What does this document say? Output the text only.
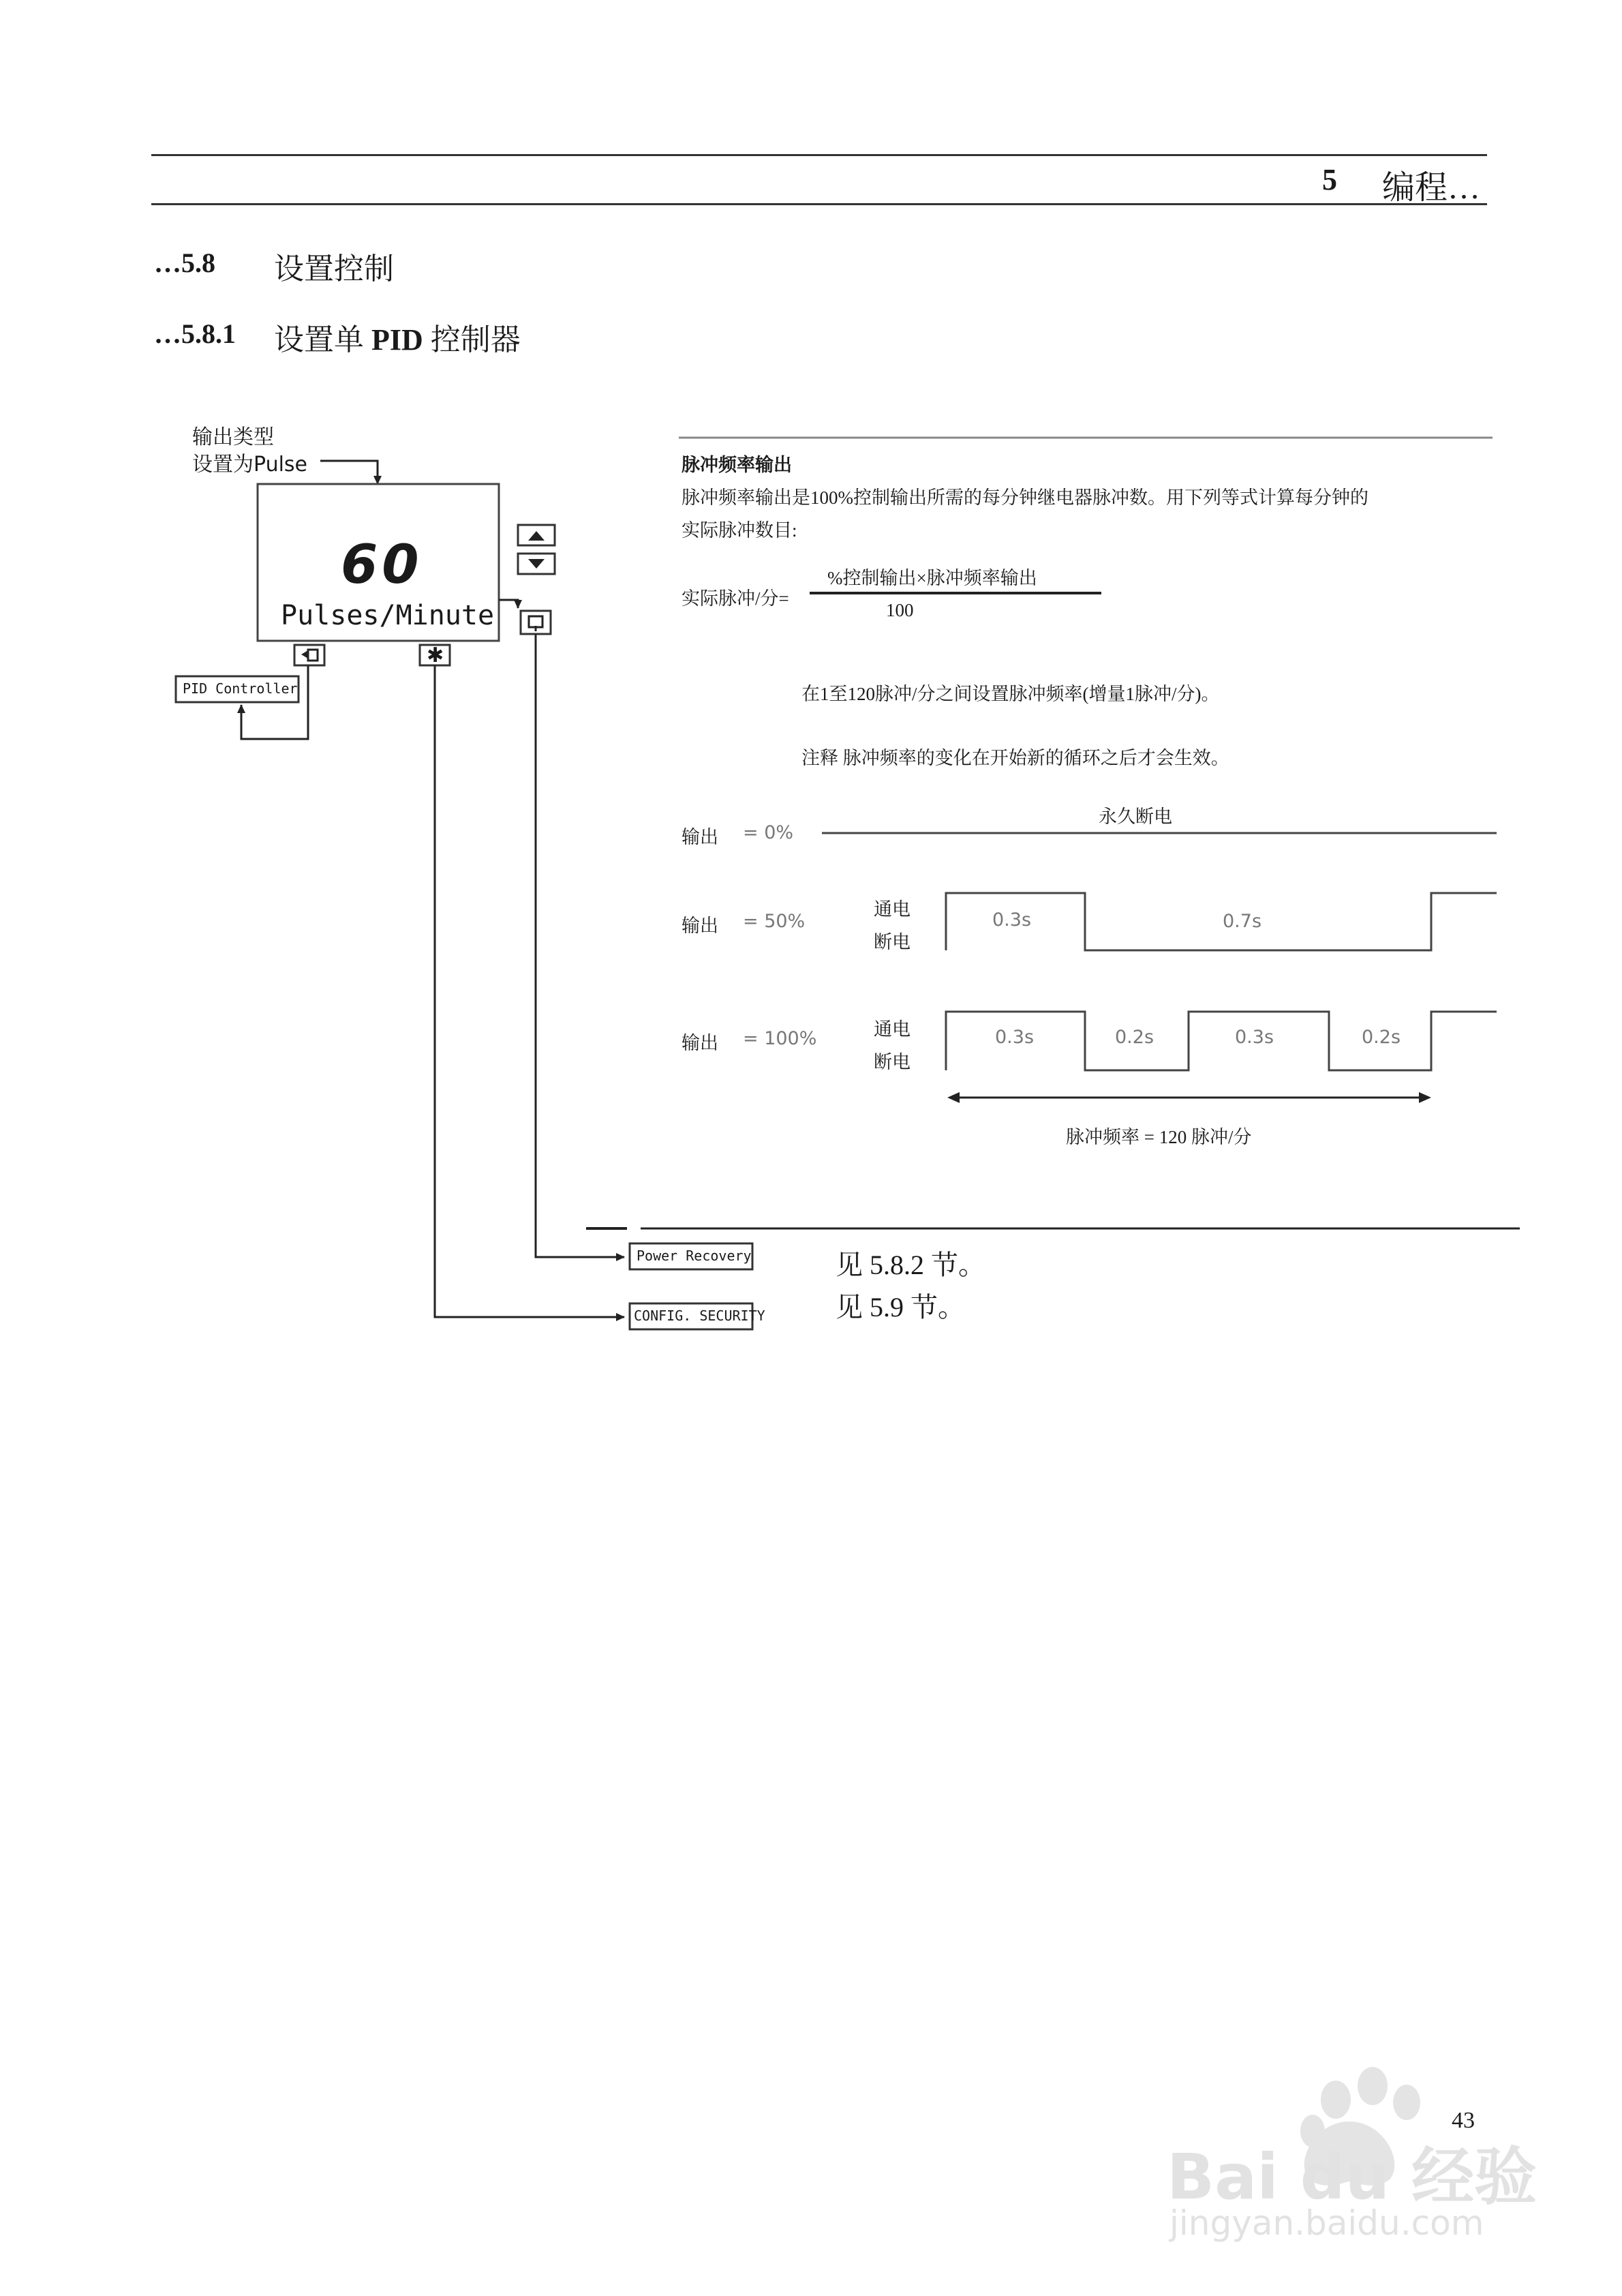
5 编程…
…5.8 设置控制
…5.8.1 设置单 PID 控制器
输出类型
设置为Pulse
60
Pulses/Minute
✱
PID Controller
Power Recovery
CONFIG. SECURITY
见 5.8.2 节。
见 5.9 节。
脉冲频率输出
脉冲频率输出是100%控制输出所需的每分钟继电器脉冲数。用下列等式计算每分钟的
实际脉冲数目:
实际脉冲/分=
%控制输出×脉冲频率输出
100
在1至120脉冲/分之间设置脉冲频率(增量1脉冲/分)。
注释 脉冲频率的变化在开始新的循环之后才会生效。
输出 = 0%
永久断电
输出 = 50%
通电
断电
0.3s	0.7s
输出 = 100%	通电
断电
0.3s	0.2s	0.3s	0.2s
脉冲频率 = 120 脉冲/分
43
Bai du 经验
jingyan.baidu.com
